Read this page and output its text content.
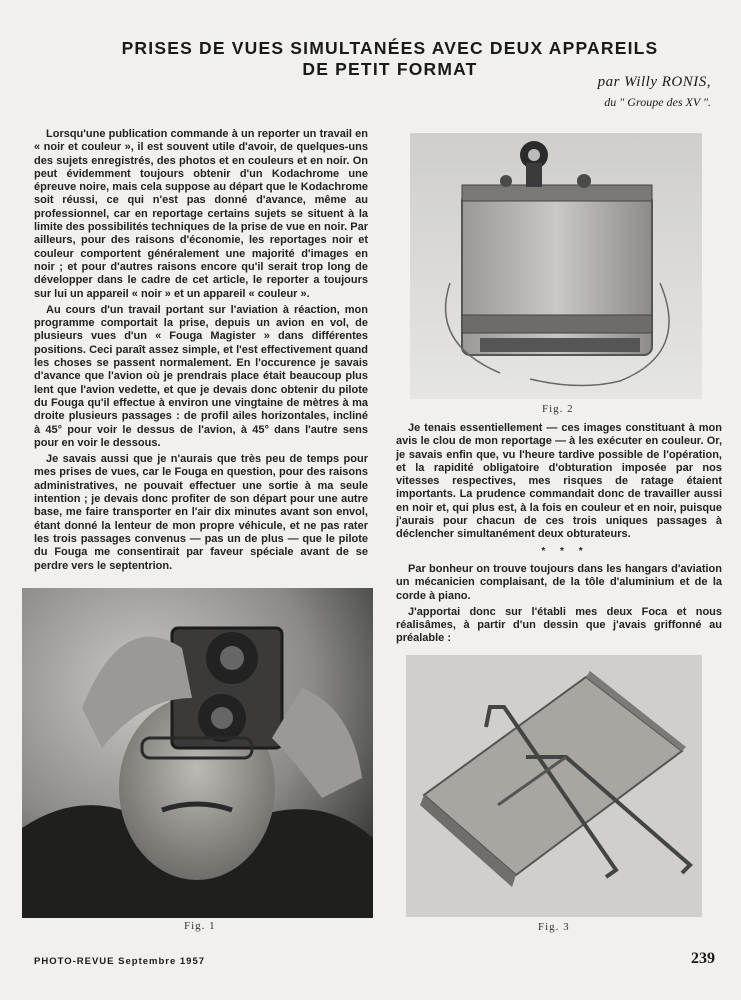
PRISES DE VUES SIMULTANÉES AVEC DEUX APPAREILS
DE PETIT FORMAT
par Willy RONIS,
du " Groupe des XV ".

Lorsqu'une publication commande à un reporter un travail en « noir et couleur », il est souvent utile d'avoir, de quelques-uns des sujets enregistrés, des photos et en couleurs et en noir. On peut évidemment toujours obtenir d'un Kodachrome une épreuve noire, mais cela suppose au départ que le Kodachrome soit réussi, ce qui n'est pas donné d'avance, même au professionnel, car en reportage certains sujets se situent à la limite des possibilités techniques de la prise de vue en noir. Par ailleurs, pour des raisons d'économie, les reportages noir et couleur comportent généralement une majorité d'images en noir ; et pour d'autres raisons encore qu'il serait trop long de développer dans le cadre de cet article, le reporter a toujours sur lui un appareil « noir » et un appareil « couleur ».

Au cours d'un travail portant sur l'aviation à réaction, mon programme comportait la prise, depuis un avion en vol, de plusieurs vues d'un « Fouga Magister » dans différentes positions. Ceci paraît assez simple, et l'est effectivement quand les choses se passent normalement. En l'occurence je savais d'avance que l'avion où je prendrais place était beaucoup plus lent que l'avion vedette, et que je devais donc obtenir du pilote du Fouga qu'il effectue à environ une vingtaine de mètres à ma droite plusieurs passages : de profil ailes horizontales, incliné à 45° pour voir le dessus de l'avion, à 45° dans l'autre sens pour en voir le dessous.

Je savais aussi que je n'aurais que très peu de temps pour mes prises de vues, car le Fouga en question, pour des raisons administratives, ne pouvait effectuer une sortie à ma seule intention ; je devais donc profiter de son départ pour une autre base, me faire transporter en l'air dix minutes avant son envol, étant donné la lenteur de mon propre véhicule, et ne pas rater les trois passages convenus — pas un de plus — que le pilote du Fouga me consentirait par faveur spéciale avant de se perdre vers le septentrion.

Fig. 2

Je tenais essentiellement — ces images constituant à mon avis le clou de mon reportage — à les exécuter en couleur. Or, je savais enfin que, vu l'heure tardive possible de l'opération, et la rapidité obligatoire d'obturation imposée par nos vitesses respectives, mes risques de ratage étaient importants. La prudence commandait donc de travailler aussi en noir et, qui plus est, à la fois en couleur et en noir, puisque j'aurais pour chacun de ces trois uniques passages à déclencher simultanément deux obturateurs.

* * *

Par bonheur on trouve toujours dans les hangars d'aviation un mécanicien complaisant, de la tôle d'aluminium et de la corde à piano.

J'apportai donc sur l'établi mes deux Foca et nous réalisâmes, à partir d'un dessin que j'avais griffonné au préalable :

Fig. 1	Fig. 3
PHOTO-REVUE Septembre 1957	239
